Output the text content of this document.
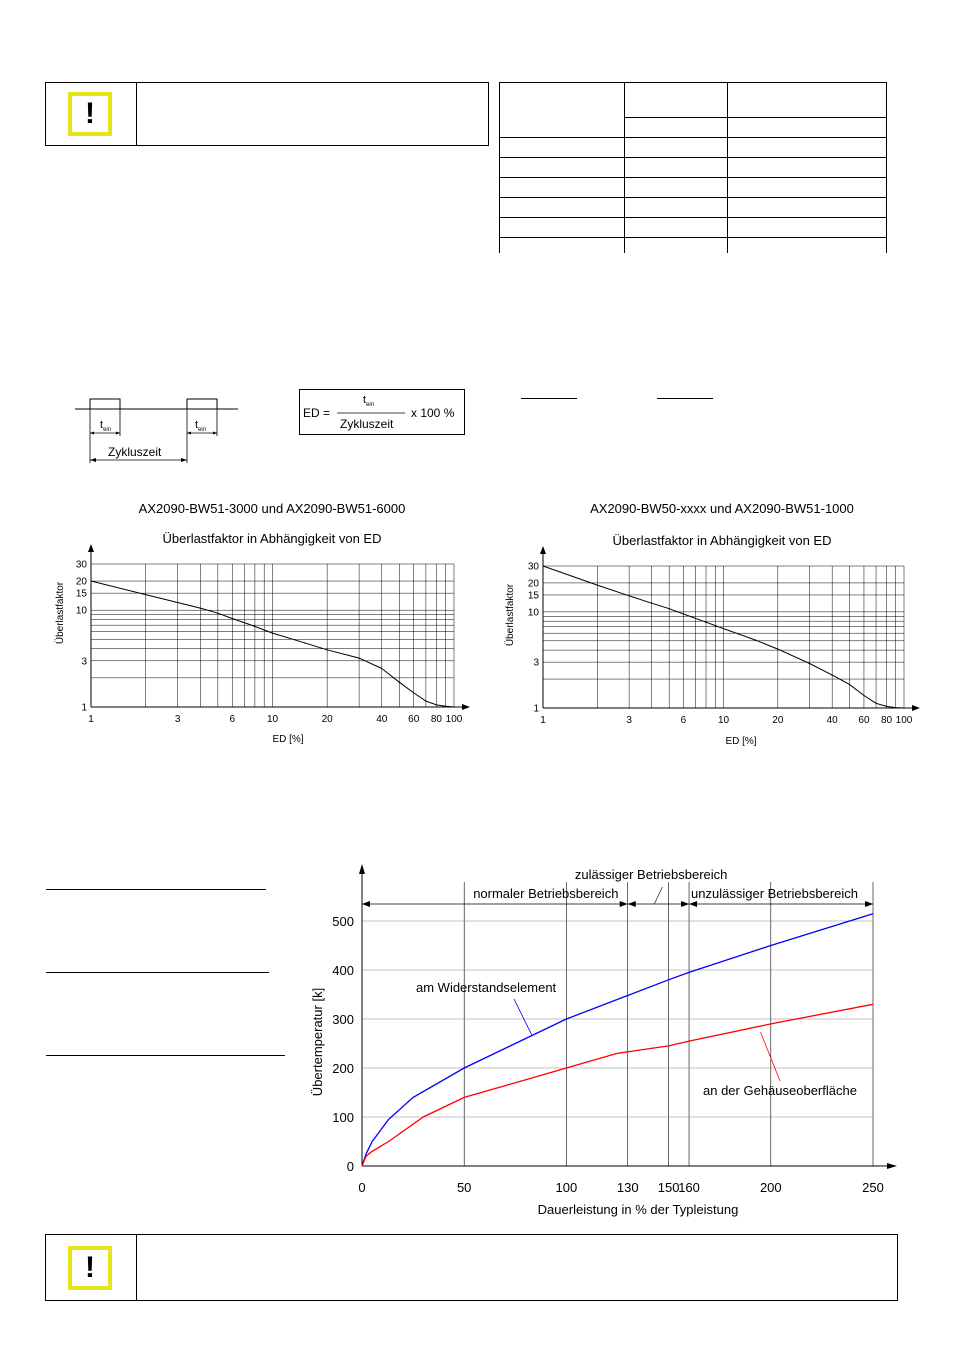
!

$t_{ein}$	$t_{ein}$
Zykluszeit
ED =
$t_{ein}$
Zykluszeit
x 100 %
AX2090-BW51-3000 und AX2090-BW51-6000
Überlastfaktor in Abhängigkeit von ED
1	3	6	10	20	40 60 80 100
1
3
10
15
20
30
ED [%]
Überlastfaktor
AX2090-BW50-xxxx und AX2090-BW51-1000
Überlastfaktor in Abhängigkeit von ED
1	3	6	10	20	40 60 80 100
1
3
10
15
20
30
ED [%]
Überlastfaktor
normaler Betriebsbereich
zulässiger Betriebsbereich
unzulässiger Betriebsbereich
0	50	100	130 150
160	200	250
0
100
200
300
400
500
am Widerstandselement
an der Gehäuseoberfläche
Dauerleistung in % der Typleistung
Übertemperatur [k]
!
